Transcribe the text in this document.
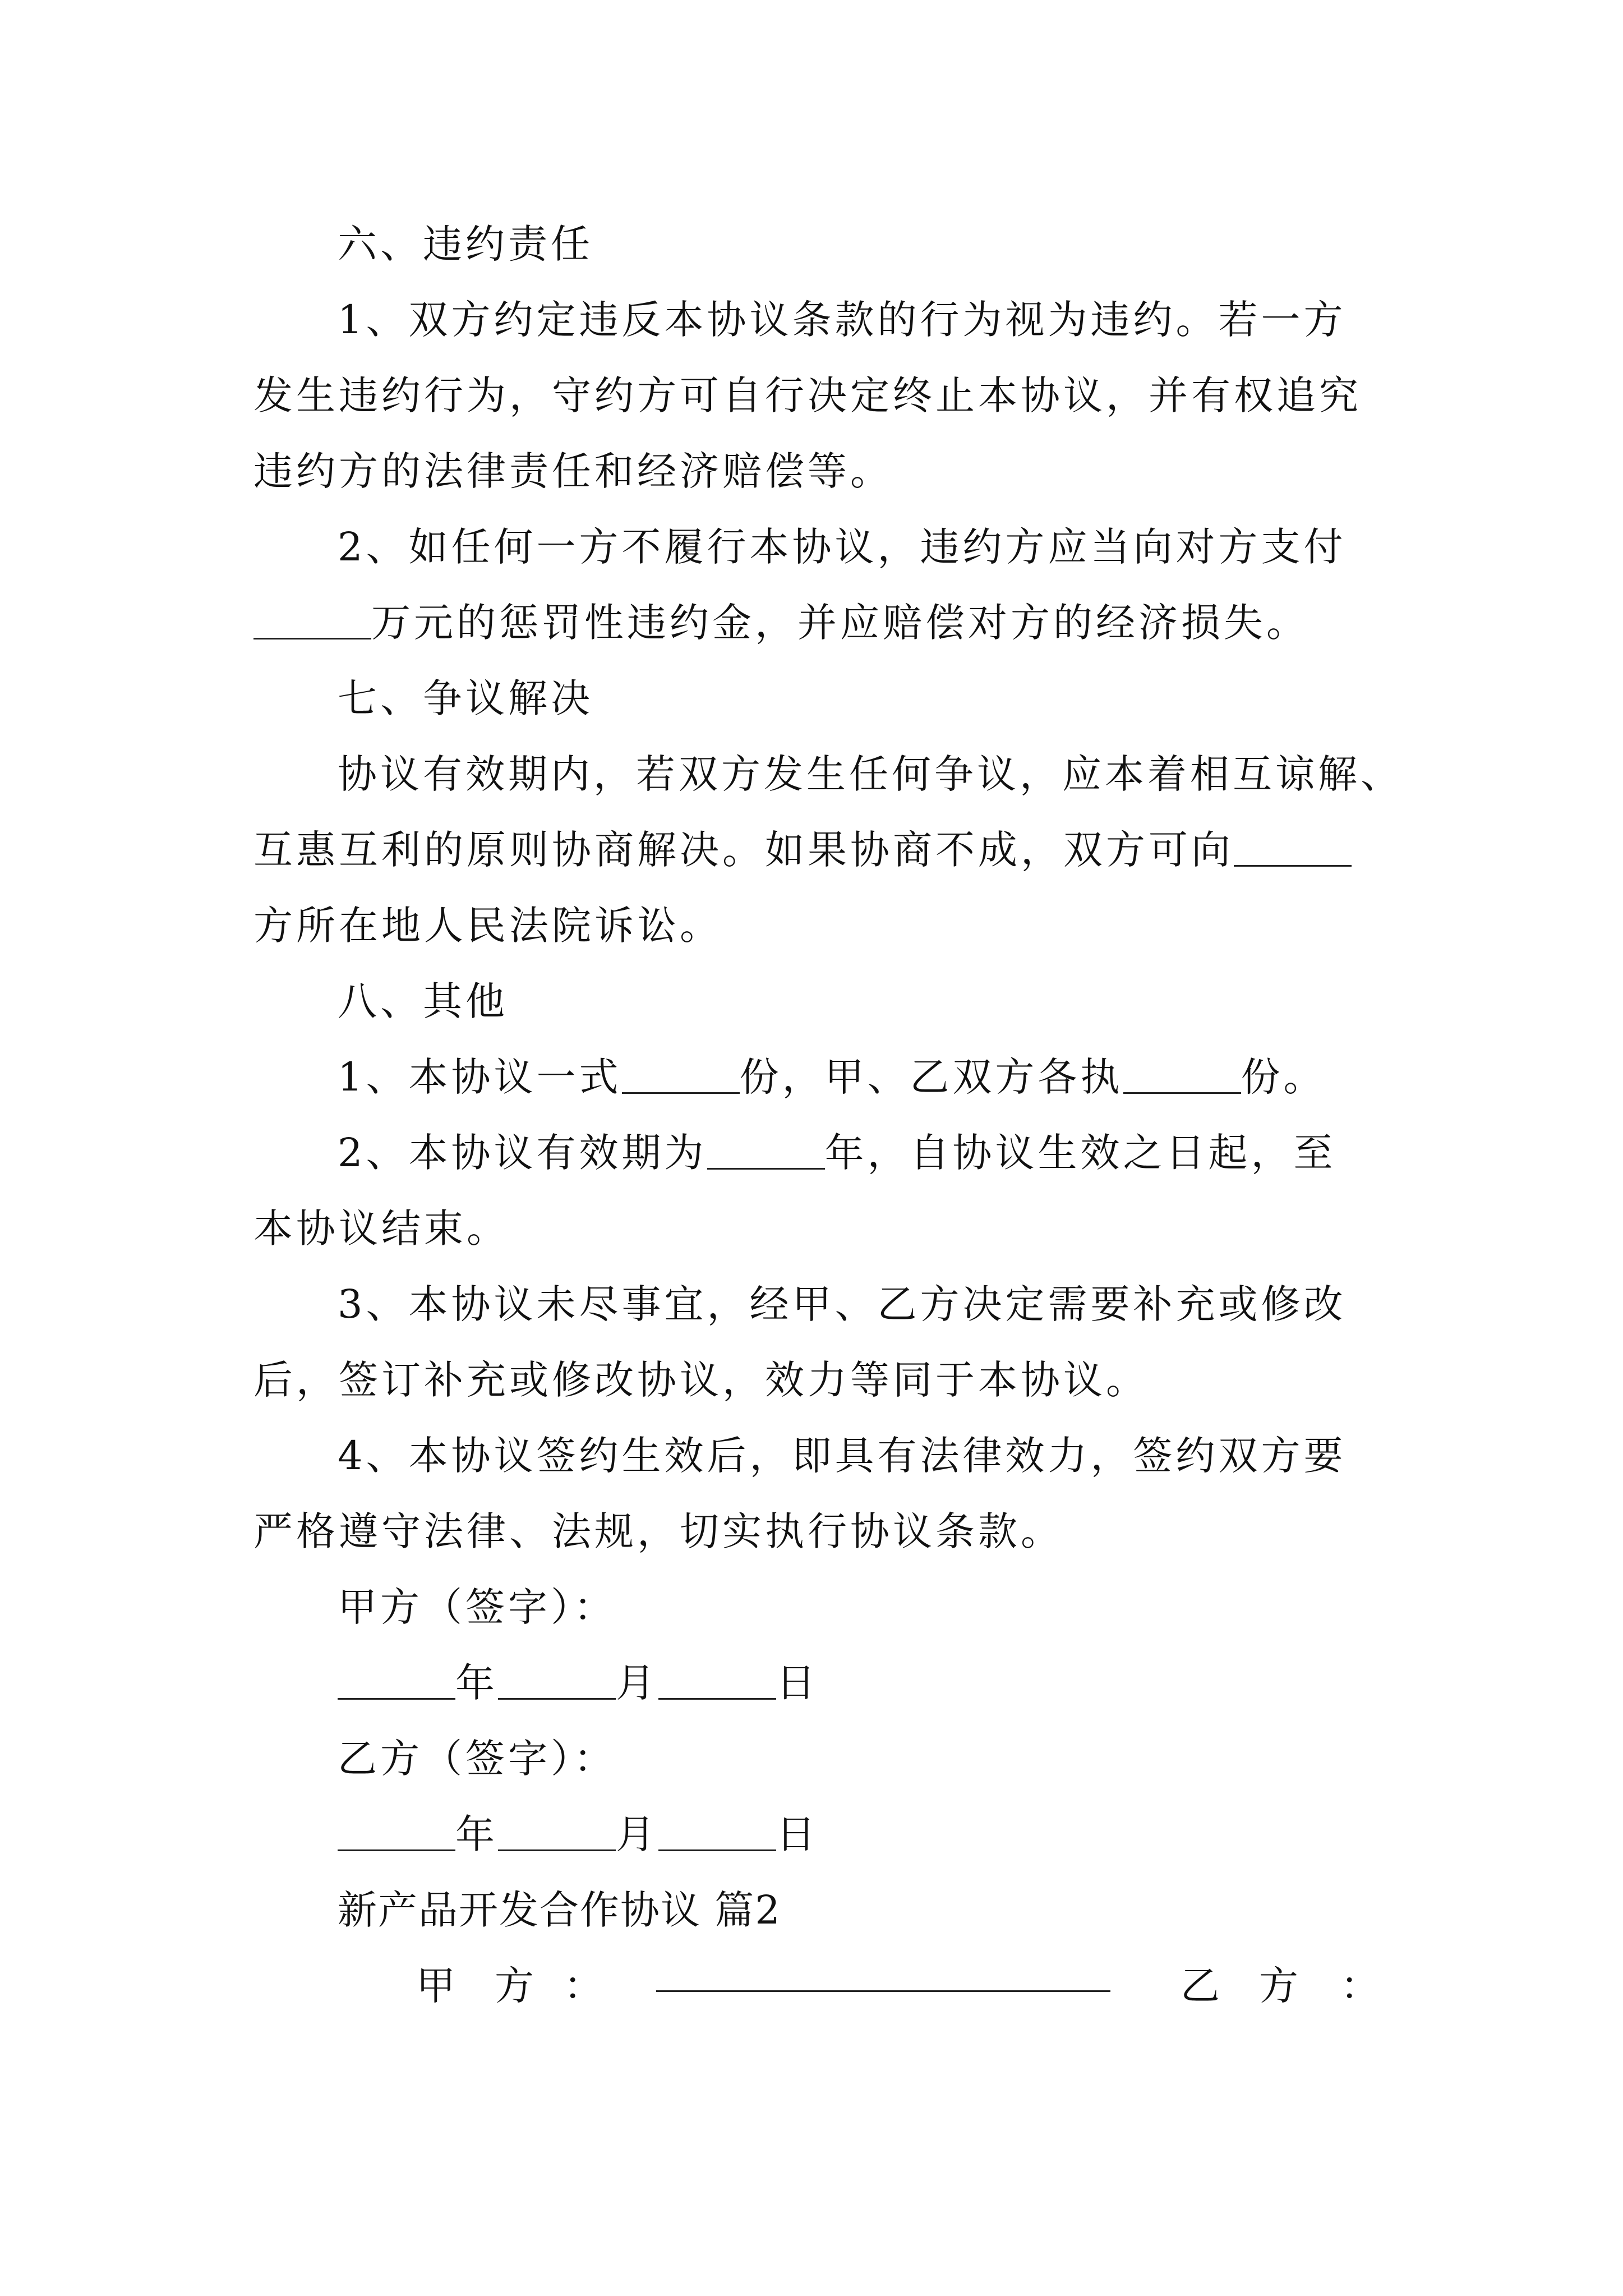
六、违约责任
1、双方约定违反本协议条款的行为视为违约。若一方
发生违约行为，守约方可自行决定终止本协议，并有权追究
违约方的法律责任和经济赔偿等。
2、如任何一方不履行本协议，违约方应当向对方支付
万元的惩罚性违约金，并应赔偿对方的经济损失。
七、争议解决
协议有效期内，若双方发生任何争议，应本着相互谅解、
互惠互利的原则协商解决。如果协商不成，双方可向
方所在地人民法院诉讼。
八、其他
1、本协议一式	份，甲、乙双方各执	份。
2、本协议有效期为	年，自协议生效之日起，至
本协议结束。
3、本协议未尽事宜，经甲、乙方决定需要补充或修改
后，签订补充或修改协议，效力等同于本协议。
4、本协议签约生效后，即具有法律效力，签约双方要
严格遵守法律、法规，切实执行协议条款。
甲方（签字）：
年	月	日
乙方（签字）：
年	月	日
新产品开发合作协议 篇2
甲 方 ：	乙 方 ：
